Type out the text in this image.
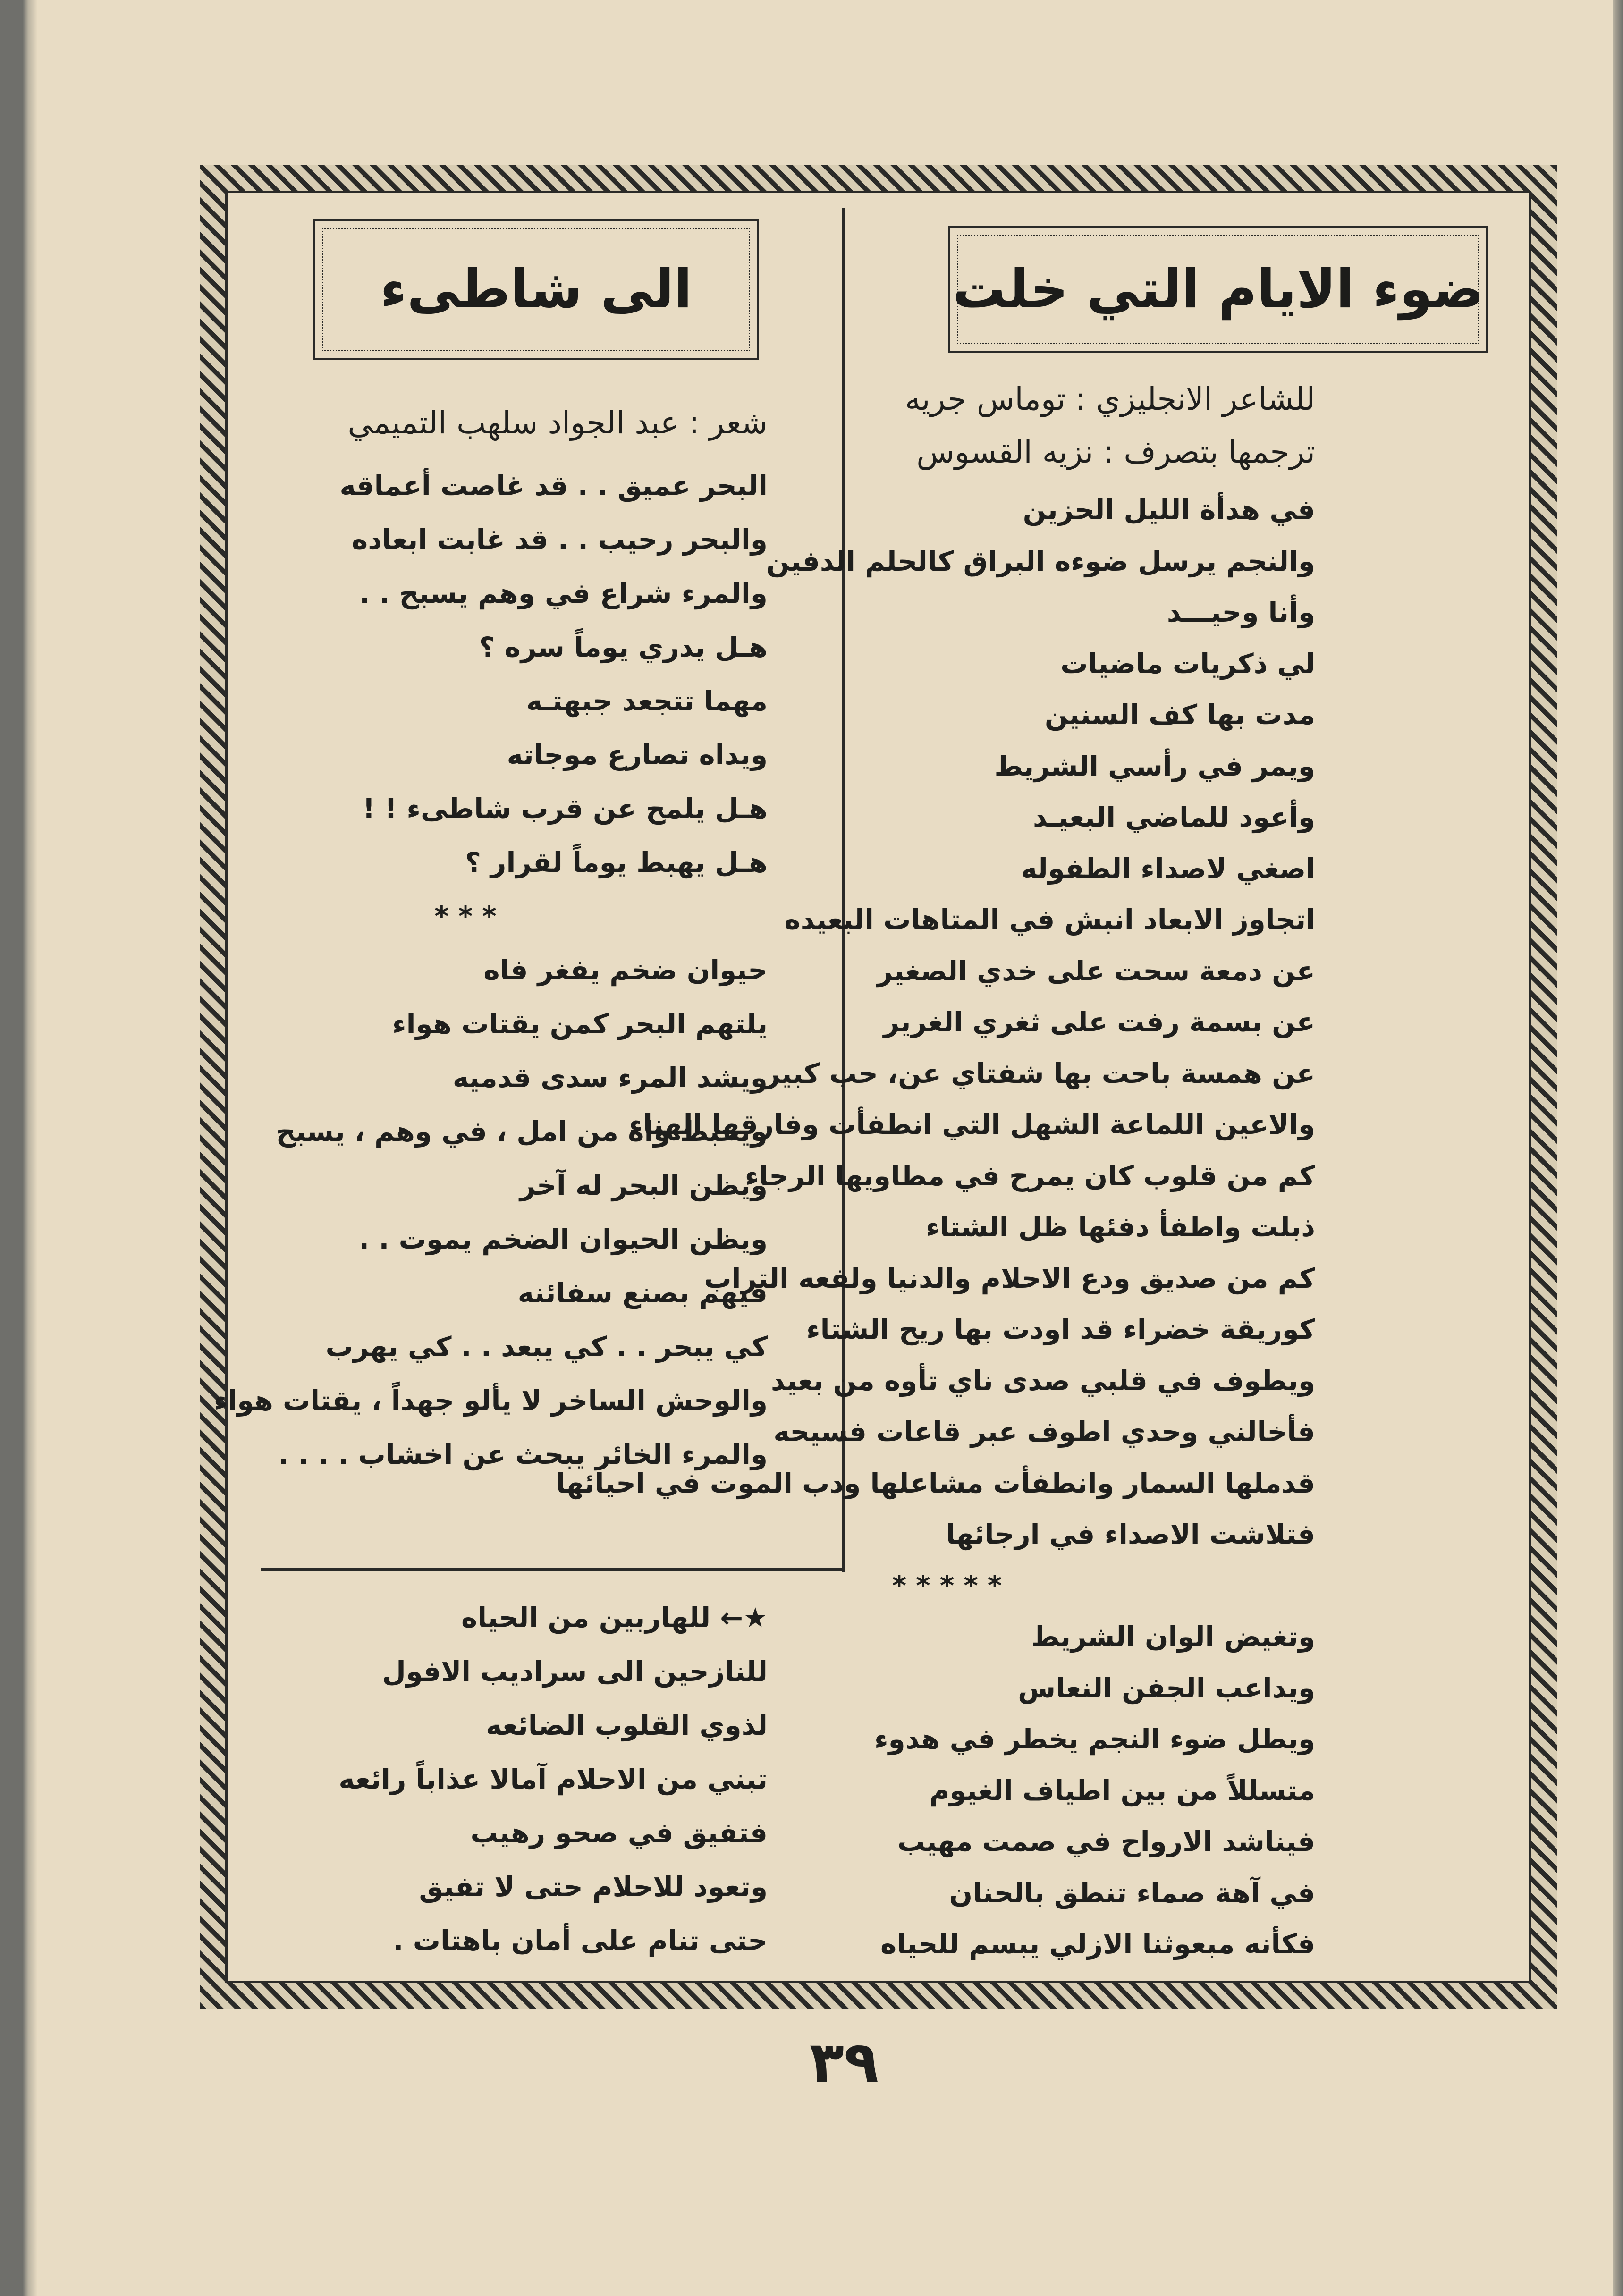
ضوء الايام التي خلت
الى شاطىء
للشاعر الانجليزي : توماس جريه
ترجمها بتصرف : نزيه القسوس
في هدأة الليل الحزين
والنجم يرسل ضوءه البراق كالحلم الدفين
وأنا وحيـــد
لي ذكريات ماضيات
مدت بها كف السنين
ويمر في رأسي الشريط
وأعود للماضي البعيـد
اصغي لاصداء الطفوله
اتجاوز الابعاد انبش في المتاهات البعيده
عن دمعة سحت على خدي الصغير
عن بسمة رفت على ثغري الغرير
عن همسة باحت بها شفتاي عن، حب كبير
والاعين اللماعة الشهل التي انطفأت وفارقها الهناء
كم من قلوب كان يمرح في مطاويها الرجاء
ذبلت واطفأ دفئها ظل الشتاء
كم من صديق ودع الاحلام والدنيا ولفعه التراب
كوريقة خضراء قد اودت بها ريح الشتاء
ويطوف في قلبي صدى ناي تأوه من بعيد
فأخالني وحدي اطوف عبر قاعات فسيحه
قدملها السمار وانطفأت مشاعلها ودب الموت في احيائها
فتلاشت الاصداء في ارجائها
* * * * *
وتغيض الوان الشريط
ويداعب الجفن النعاس
ويطل ضوء النجم يخطر في هدوء
متسللاً من بين اطياف الغيوم
فيناشد الارواح في صمت مهيب
في آهة صماء تنطق بالحنان
فكأنه مبعوثنا الازلي يبسم للحياه
شعر : عبد الجواد سلهب التميمي
البحر عميق . . قد غاصت أعماقه
والبحر رحيب . . قد غابت ابعاده
والمرء شراع في وهم يسبح . .
هـل يدري يوماً سره ؟
مهما تتجعد جبهتـه
ويداه تصارع موجاته
هـل يلمح عن قرب شاطىء ! !
هـل يهبط يوماً لقرار ؟
* * *
حيوان ضخم يفغر فاه
يلتهم البحر كمن يقتات هواء
ويشد المرء سدى قدميه
ويخبط واه من امل ، في وهم ، يسبح
ويظن البحر له آخر
ويظن الحيوان الضخم يموت . .
فيهم بصنع سفائنه
كي يبحر . . كي يبعد . . كي يهرب
والوحش الساخر لا يألو جهداً ، يقتات هواء
والمرء الخائر يبحث عن اخشاب . . . .
★← للهاربين من الحياه
للنازحين الى سراديب الافول
لذوي القلوب الضائعه
تبني من الاحلام آمالا عذاباً رائعه
فتفيق في صحو رهيب
وتعود للاحلام حتى لا تفيق
حتى تنام على أمان باهتات .
٣٩
